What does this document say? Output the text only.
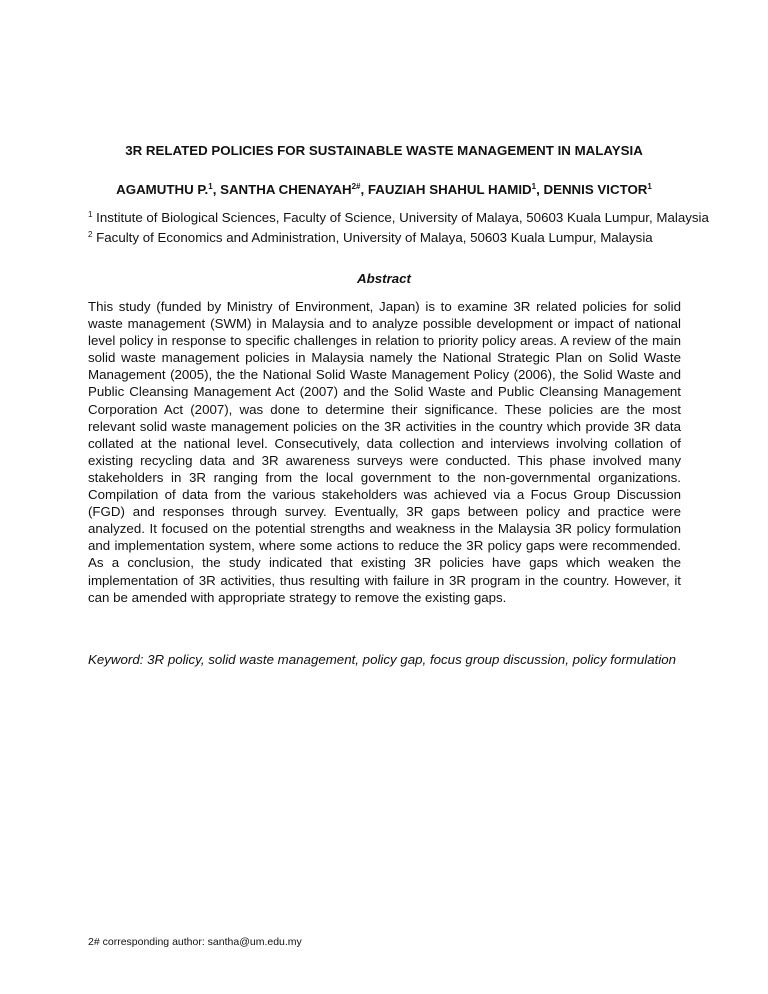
3R RELATED POLICIES FOR SUSTAINABLE WASTE MANAGEMENT IN MALAYSIA
AGAMUTHU P.$^1$, SANTHA $CHENAYAH^{2\#}$, FAUZIAH SHAHUL HAMID$^1$, DENNIS VICTOR$^1$
$^1$ Institute of Biological Sciences, Faculty of Science, University of Malaya, 50603 Kuala Lumpur, Malaysia
$^2$ Faculty of Economics and Administration, University of Malaya, 50603 Kuala Lumpur, Malaysia
Abstract

This study (funded by Ministry of Environment, Japan) is to examine 3R related policies for solid waste management (SWM) in Malaysia and to analyze possible development or impact of national level policy in response to specific challenges in relation to priority policy areas. A review of the main solid waste management policies in Malaysia namely the National Strategic Plan on Solid Waste Management (2005), the the National Solid Waste Management Policy (2006), the Solid Waste and Public Cleansing Management Act (2007) and the Solid Waste and Public Cleansing Management Corporation Act (2007), was done to determine their significance. These policies are the most relevant solid waste management policies on the 3R activities in the country which provide 3R data collated at the national level. Consecutively, data collection and interviews involving collation of existing recycling data and 3R awareness surveys were conducted. This phase involved many stakeholders in 3R ranging from the local government to the non-governmental organizations. Compilation of data from the various stakeholders was achieved via a Focus Group Discussion (FGD) and responses through survey. Eventually, 3R gaps between policy and practice were analyzed. It focused on the potential strengths and weakness in the Malaysia 3R policy formulation and implementation system, where some actions to reduce the 3R policy gaps were recommended. As a conclusion, the study indicated that existing 3R policies have gaps which weaken the implementation of 3R activities, thus resulting with failure in 3R program in the country. However, it can be amended with appropriate strategy to remove the existing gaps.

Keyword: 3R policy, solid waste management, policy gap, focus group discussion, policy formulation
2# corresponding author: santha@um.edu.my
